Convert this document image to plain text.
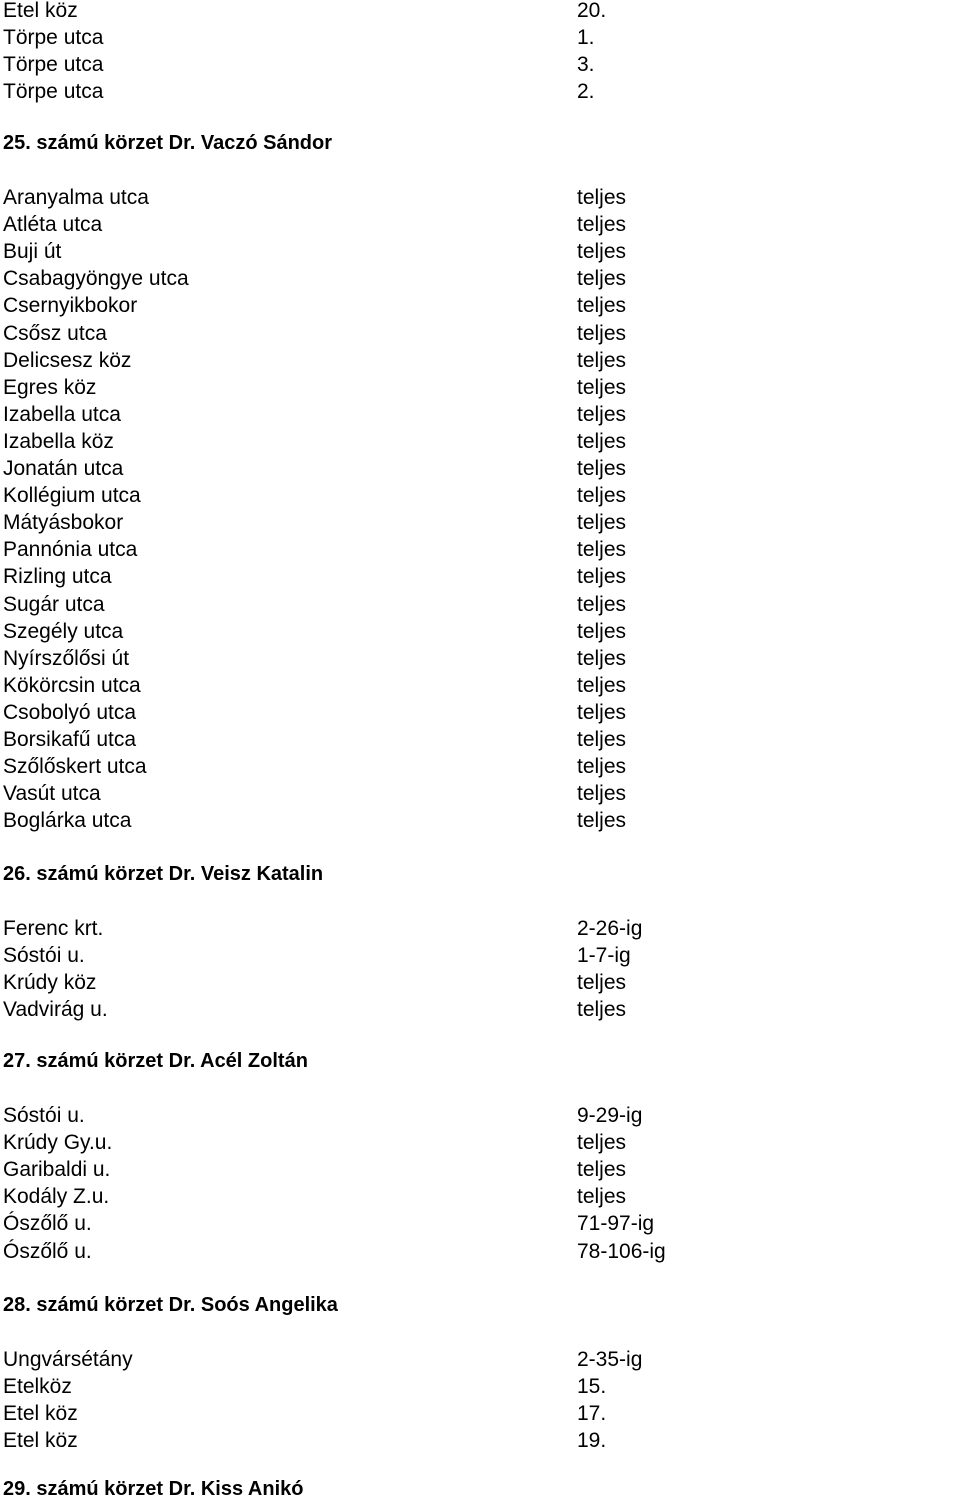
Etel köz	20.
Törpe utca	1.
Törpe utca	3.
Törpe utca	2.
25. számú körzet Dr. Vaczó Sándor
Aranyalma utca	teljes
Atléta utca	teljes
Buji út	teljes
Csabagyöngye utca	teljes
Csernyikbokor	teljes
Csősz utca	teljes
Delicsesz köz	teljes
Egres köz	teljes
Izabella utca	teljes
Izabella köz	teljes
Jonatán utca	teljes
Kollégium utca	teljes
Mátyásbokor	teljes
Pannónia utca	teljes
Rizling utca	teljes
Sugár utca	teljes
Szegély utca	teljes
Nyírszőlősi út	teljes
Kökörcsin utca	teljes
Csobolyó utca	teljes
Borsikafű utca	teljes
Szőlőskert utca	teljes
Vasút utca	teljes
Boglárka utca	teljes
26. számú körzet Dr. Veisz Katalin
Ferenc krt.	2-26-ig
Sóstói u.	1-7-ig
Krúdy köz	teljes
Vadvirág u.	teljes
27. számú körzet Dr. Acél Zoltán
Sóstói u.	9-29-ig
Krúdy Gy.u.	teljes
Garibaldi u.	teljes
Kodály Z.u.	teljes
Ószőlő u.	71-97-ig
Ószőlő u.	78-106-ig
28. számú körzet Dr. Soós Angelika
Ungvársétány	2-35-ig
Etelköz	15.
Etel köz	17.
Etel köz	19.
29. számú körzet Dr. Kiss Anikó
